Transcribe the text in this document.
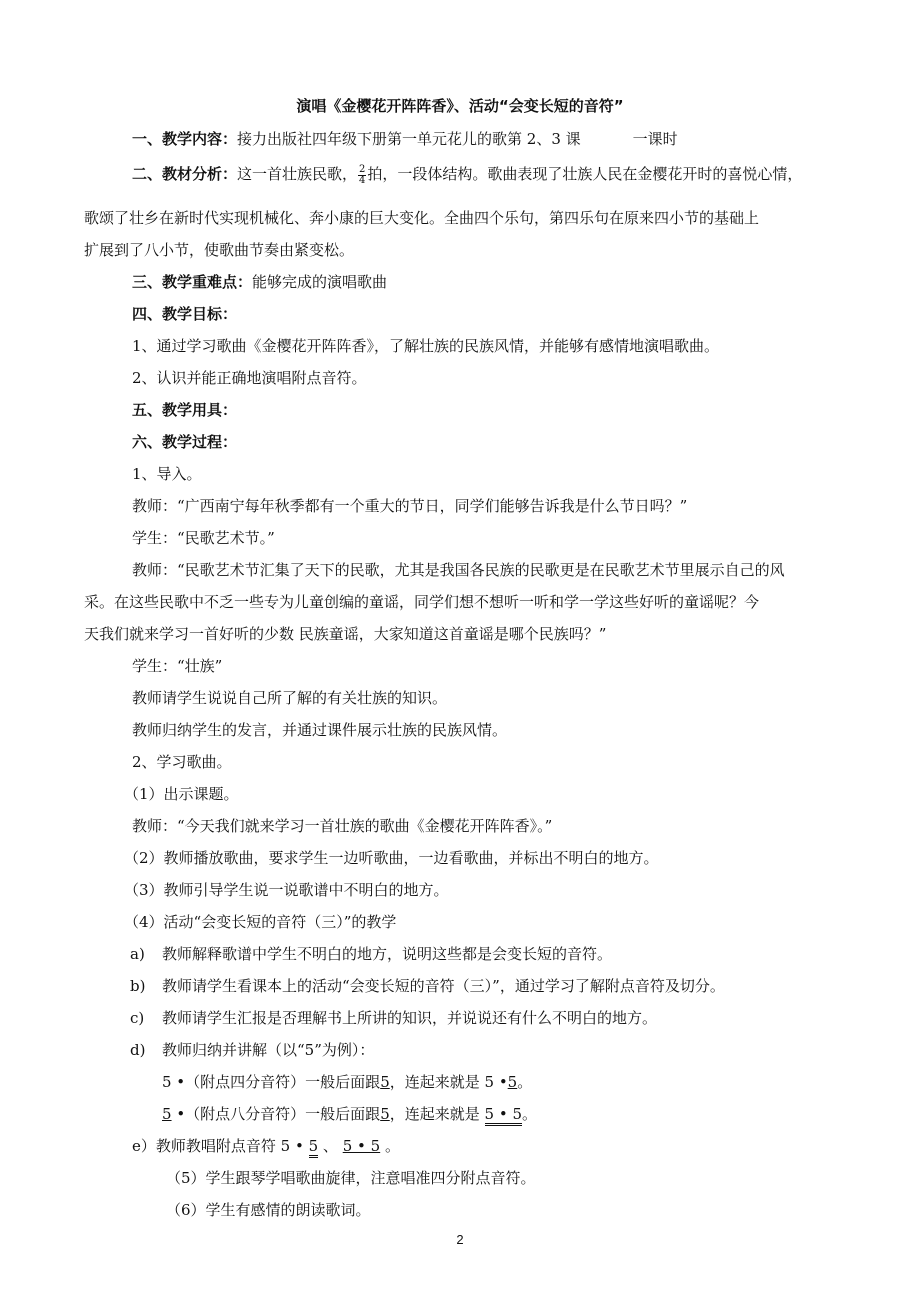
演唱《金樱花开阵阵香》、活动“会变长短的音符”
一、教学内容：接力出版社四年级下册第一单元花儿的歌第 2、3 课	一课时
二、教材分析：这一首壮族民歌， $\frac{2}{4}$ 拍，一段体结构。歌曲表现了壮族人民在金樱花开时的喜悦心情，
歌颂了壮乡在新时代实现机械化、奔小康的巨大变化。全曲四个乐句，第四乐句在原来四小节的基础上
扩展到了八小节，使歌曲节奏由紧变松。
三、教学重难点：能够完成的演唱歌曲
四、教学目标：
1、通过学习歌曲《金樱花开阵阵香》，了解壮族的民族风情，并能够有感情地演唱歌曲。
2、认识并能正确地演唱附点音符。
五、教学用具：
六、教学过程：
1、导入。
教师：“广西南宁每年秋季都有一个重大的节日，同学们能够告诉我是什么节日吗？”
学生：“民歌艺术节。”
教师：“民歌艺术节汇集了天下的民歌，尤其是我国各民族的民歌更是在民歌艺术节里展示自己的风
采。在这些民歌中不乏一些专为儿童创编的童谣，同学们想不想听一听和学一学这些好听的童谣呢？今
天我们就来学习一首好听的少数 民族童谣，大家知道这首童谣是哪个民族吗？”
学生：“壮族”
教师请学生说说自己所了解的有关壮族的知识。
教师归纳学生的发言，并通过课件展示壮族的民族风情。
2、学习歌曲。
（1）出示课题。
教师：“今天我们就来学习一首壮族的歌曲《金樱花开阵阵香》。”
（2）教师播放歌曲，要求学生一边听歌曲，一边看歌曲，并标出不明白的地方。
（3）教师引导学生说一说歌谱中不明白的地方。
（4）活动“会变长短的音符（三）”的教学
a) 教师解释歌谱中学生不明白的地方，说明这些都是会变长短的音符。
b) 教师请学生看课本上的活动“会变长短的音符（三）”，通过学习了解附点音符及切分。
c) 教师请学生汇报是否理解书上所讲的知识，并说说还有什么不明白的地方。
d) 教师归纳并讲解（以“5”为例）：
5 •（附点四分音符）一般后面跟5，连起来就是 5 •5。
5 •（附点八分音符）一般后面跟5，连起来就是 5 • 5。
e）教师教唱附点音符 5 • 5 、 5 • 5 。
（5）学生跟琴学唱歌曲旋律，注意唱准四分附点音符。
（6）学生有感情的朗读歌词。
2
